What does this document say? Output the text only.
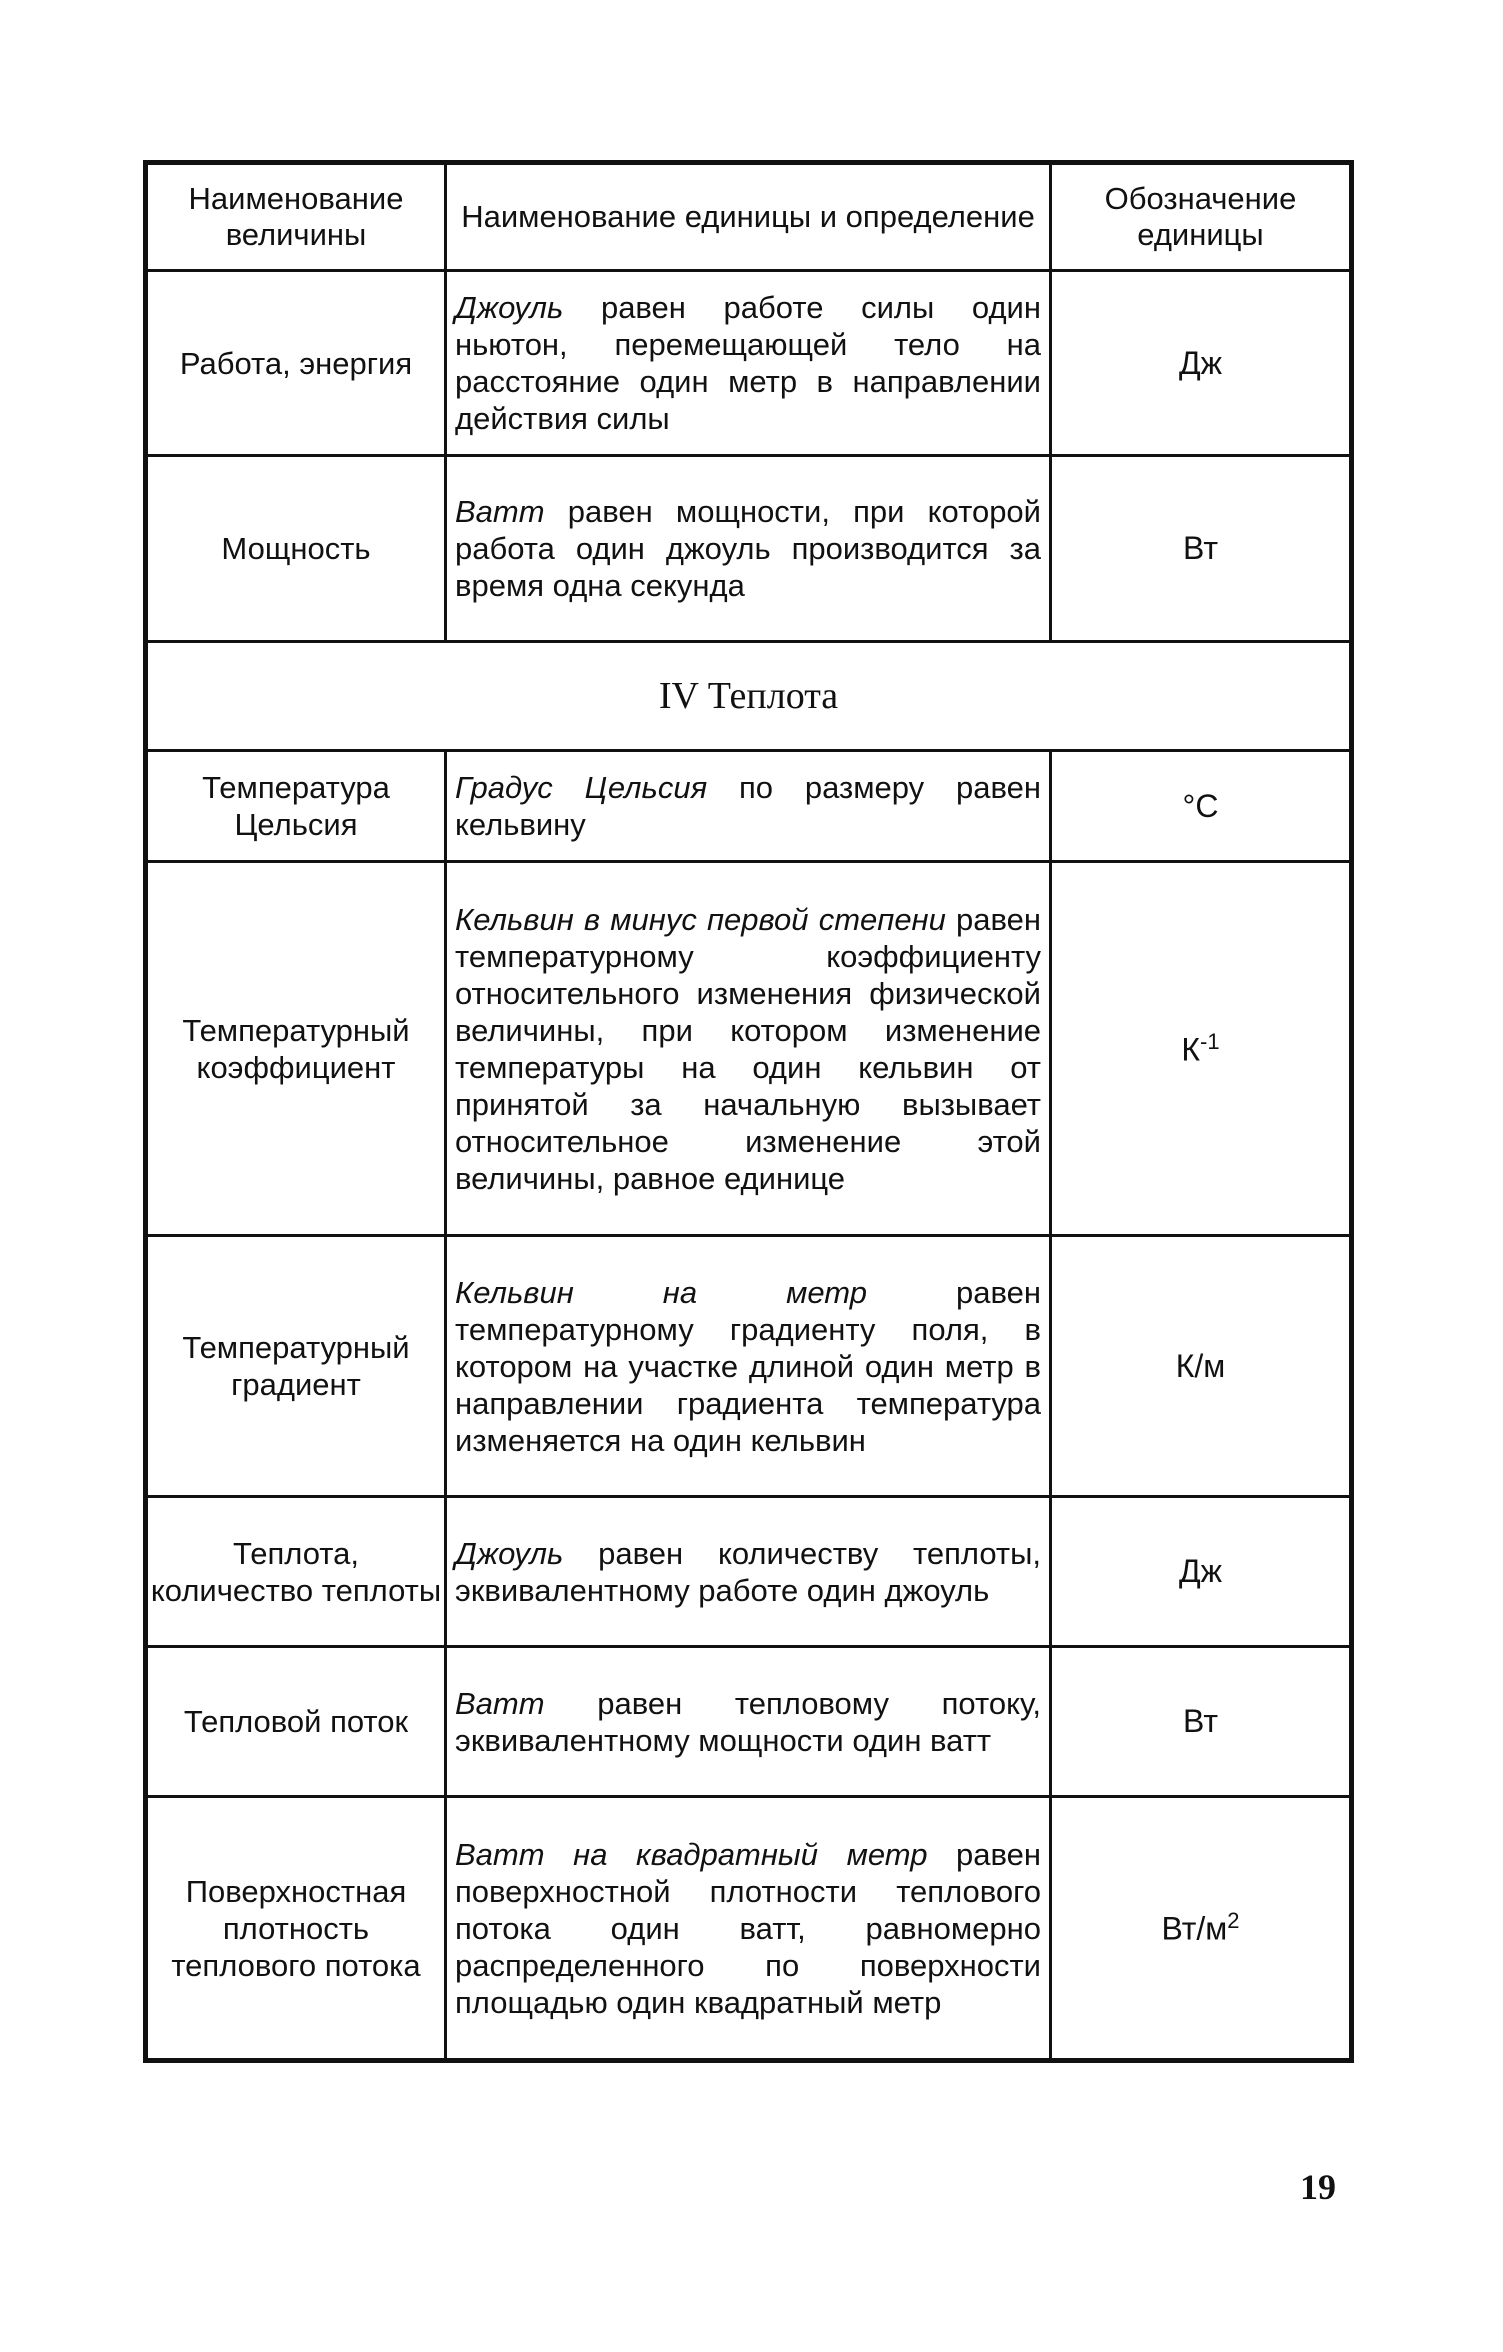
Наименование величины	Наименование единицы и определение	Обозначение единицы
Работа, энергия	Джоуль равен работе силы один ньютон, перемещающей тело на расстояние один метр в направлении действия силы	Дж
Мощность	Ватт равен мощности, при которой работа один джоуль производится за время одна секунда	Вт
IV Теплота		
Температура Цельсия	Градус Цельсия по размеру равен кельвину	°С
Температурный коэффициент	Кельвин в минус первой степени равен температурному коэффициенту относительного изменения физической величины, при котором изменение температуры на один кельвин от принятой за начальную вызывает относительное изменение этой величины, равное единице	$К^{-1}$
Температурный градиент	Кельвин на метр равен температурному градиенту поля, в котором на участке длиной один метр в направлении градиента температура изменяется на один кельвин	К/м
Теплота, количество теплоты	Джоуль равен количеству теплоты, эквивалентному работе один джоуль	Дж
Тепловой поток	Ватт равен тепловому потоку, эквивалентному мощности один ватт	Вт
Поверхностная плотность теплового потока	Ватт на квадратный метр равен поверхностной плотности теплового потока один ватт, равномерно распределенного по поверхности площадью один квадратный метр	$Вт/м^2$
19
